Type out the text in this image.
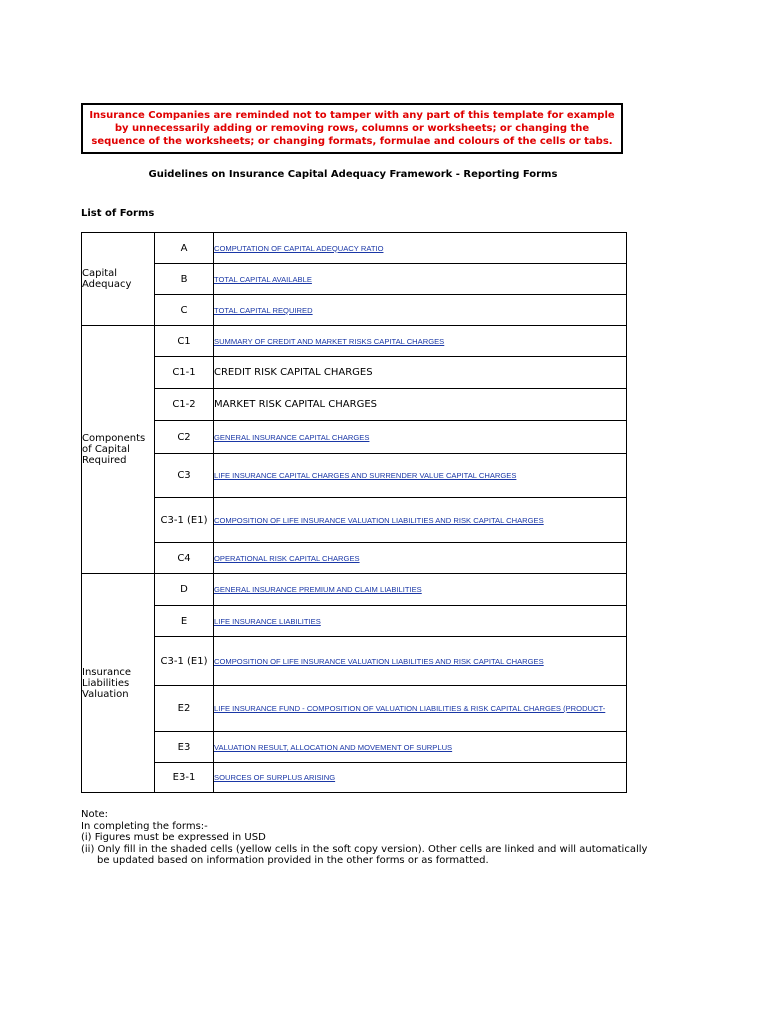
Insurance Companies are reminded not to tamper with any part of this template for example by unnecessarily adding or removing rows, columns or worksheets; or changing the sequence of the worksheets; or changing formats, formulae and colours of the cells or tabs.
Guidelines on Insurance Capital Adequacy Framework - Reporting Forms
List of Forms
Capital Adequacy	A	COMPUTATION OF CAPITAL ADEQUACY RATIO
	B	TOTAL CAPITAL AVAILABLE
	C	TOTAL CAPITAL REQUIRED
Components of Capital Required	C1	SUMMARY OF CREDIT AND MARKET RISKS CAPITAL CHARGES
	C1-1	CREDIT RISK CAPITAL CHARGES
	C1-2	MARKET RISK CAPITAL CHARGES
	C2	GENERAL INSURANCE CAPITAL CHARGES
	C3	LIFE INSURANCE CAPITAL CHARGES AND SURRENDER VALUE CAPITAL CHARGES
	C3-1 (E1)	COMPOSITION OF LIFE INSURANCE VALUATION LIABILITIES AND RISK CAPITAL CHARGES
	C4	OPERATIONAL RISK CAPITAL CHARGES
Insurance Liabilities Valuation	D	GENERAL INSURANCE PREMIUM AND CLAIM LIABILITIES
	E	LIFE INSURANCE LIABILITIES
	C3-1 (E1)	COMPOSITION OF LIFE INSURANCE VALUATION LIABILITIES AND RISK CAPITAL CHARGES
	E2	LIFE INSURANCE FUND - COMPOSITION OF VALUATION LIABILITIES & RISK CAPITAL CHARGES (PRODUCT-
	E3	VALUATION RESULT, ALLOCATION AND MOVEMENT OF SURPLUS
	E3-1	SOURCES OF SURPLUS ARISING
Note:
In completing the forms:-
(i) Figures must be expressed in USD
(ii) Only fill in the shaded cells (yellow cells in the soft copy version). Other cells are linked and will automatically
be updated based on information provided in the other forms or as formatted.
